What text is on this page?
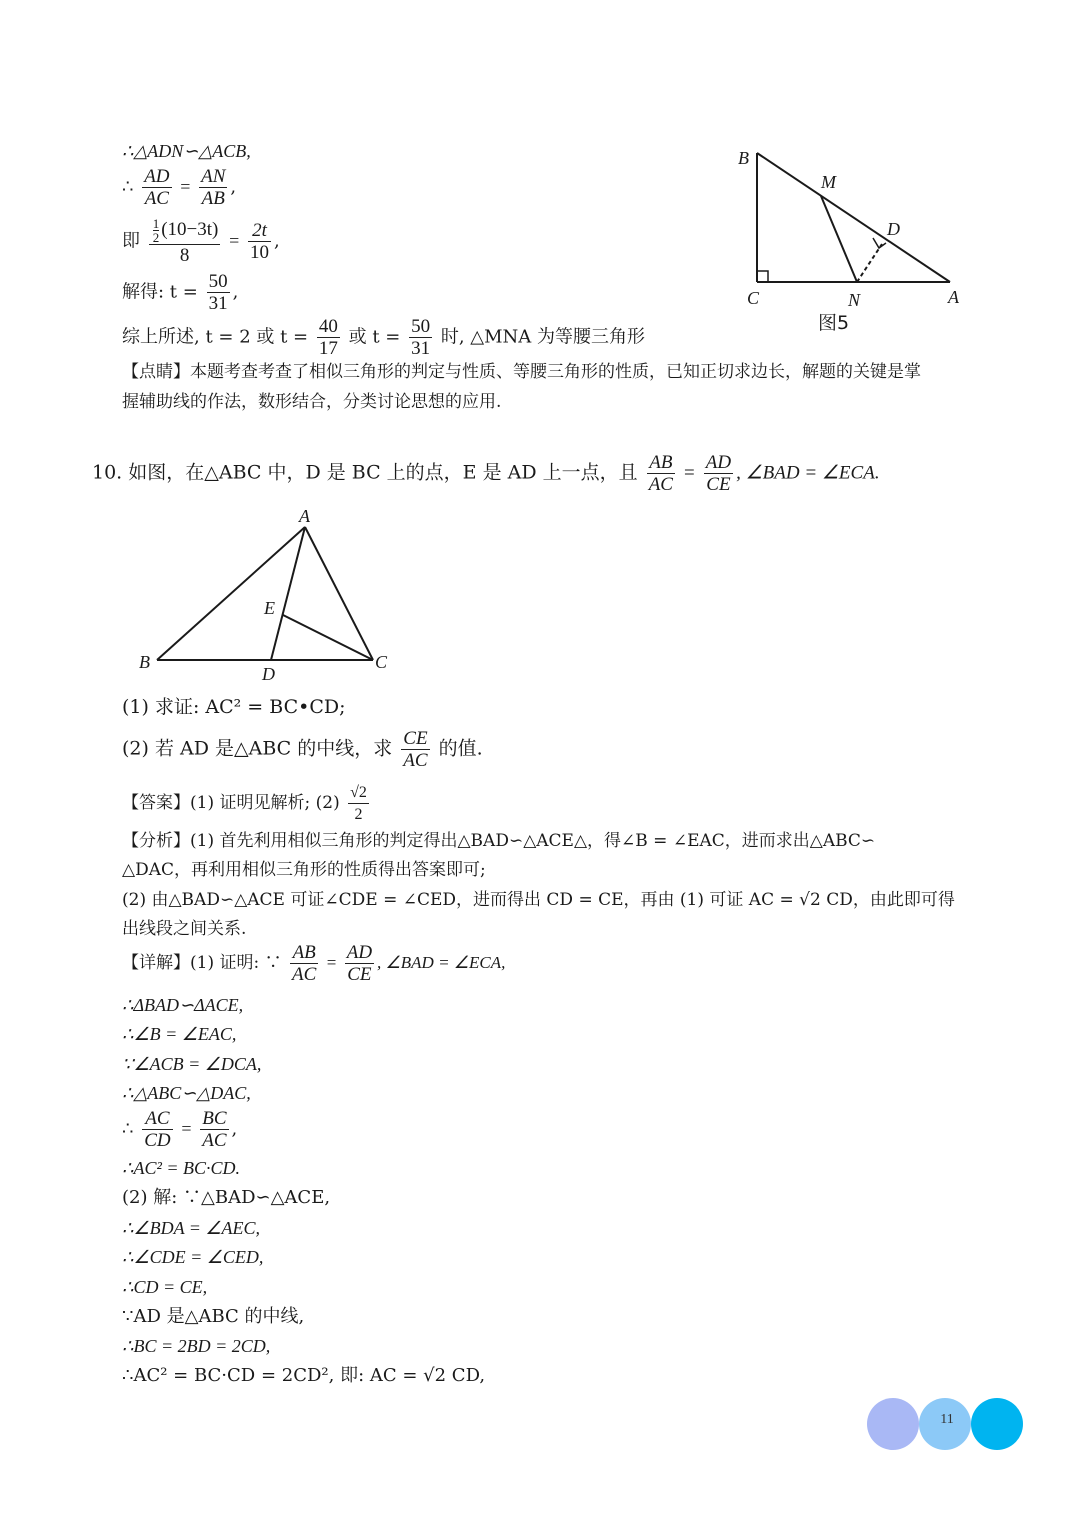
∴△ADN∽△ACB,
∴ $\frac{AD}{AC} = \frac{AN}{AB}$ ,
即 $\frac{\frac{1}{2} (10-3t)}{8} = \frac{2t}{10}$ ,
解得: $t = \frac{50}{31}$ ,
综上所述, t = 2 或 $t = \frac{40}{17}$ 或 $t = \frac{50}{31}$ 时, △MNA 为等腰三角形
【点睛】本题考查考查了相似三角形的判定与性质、等腰三角形的性质，已知正切求边长，解题的关键是掌
握辅助线的作法，数形结合，分类讨论思想的应用.
B
M
D
C	N	A
图5
10. 如图，在△ABC 中，D 是 BC 上的点，E 是 AD 上一点，且 $\frac{AB}{AC} = \frac{AD}{CE}$ , ∠BAD = ∠ECA.
A
E
B
D
C
(1) 求证: AC² = BC•CD;
(2) 若 AD 是△ABC 的中线，求 $\frac{CE}{AC}$ 的值.
【答案】(1) 证明见解析; $(2) \frac{√2}{2}$
【分析】(1) 首先利用相似三角形的判定得出△BAD∽△ACE△，得∠B = ∠EAC，进而求出△ABC∽
△DAC，再利用相似三角形的性质得出答案即可;
(2) 由△BAD∽△ACE 可证∠CDE = ∠CED，进而得出 CD = CE，再由 (1) 可证 AC = √2 CD，由此即可得
出线段之间关系.
【详解】(1) 证明: ∵ $\frac{AB}{AC} = \frac{AD}{CE}$ , ∠BAD = ∠ECA,
∴ΔBAD∽ΔACE,
∴∠B = ∠EAC,
∵∠ACB = ∠DCA,
∴△ABC∽△DAC,
∴ $\frac{AC}{CD} = \frac{BC}{AC}$ ,
∴AC² = BC·CD.
(2) 解: ∵△BAD∽△ACE,
∴∠BDA = ∠AEC,
∴∠CDE = ∠CED,
∴CD = CE,
∵AD 是△ABC 的中线,
∴BC = 2BD = 2CD,
∴AC² = BC·CD = 2CD², 即: AC = √2 CD,
11
